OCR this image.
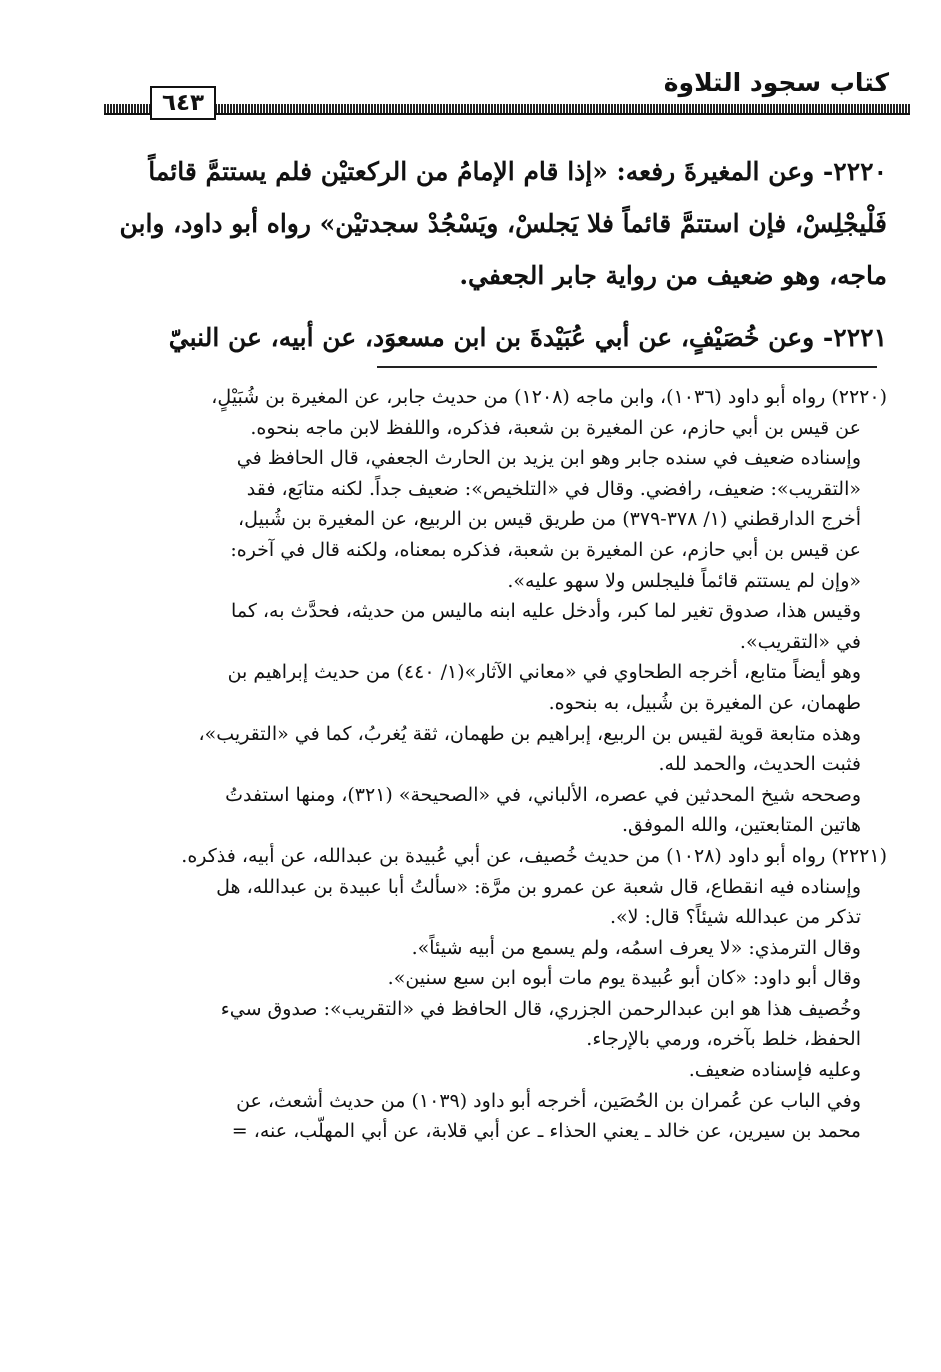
كتاب سجود التلاوة
٦٤٣

٢٢٢٠- وعن المغيرةَ رفعه: «إذا قام الإمامُ من الركعتيْن فلم يستتمَّ قائماً

فَلْيجْلِسْ، فإن استتمَّ قائماً فلا يَجلسْ، ويَسْجُدْ سجدتيْن» رواه أبو داود، وابن

ماجه، وهو ضعيف من رواية جابر الجعفي.

٢٢٢١- وعن خُصَيْفٍ، عن أبي عُبَيْدةَ بن ابن مسعوَد، عن أبيه، عن النبيّ

(٢٢٢٠) رواه أبو داود (١٠٣٦)، وابن ماجه (١٢٠٨) من حديث جابر، عن المغيرة بن شُبَيْلٍ،

عن قيس بن أبي حازم، عن المغيرة بن شعبة، فذكره، واللفظ لابن ماجه بنحوه.

وإسناده ضعيف في سنده جابر وهو ابن يزيد بن الحارث الجعفي، قال الحافظ في

«التقريب»: ضعيف، رافضي. وقال في «التلخيص»: ضعيف جداً. لكنه متابَع، فقد

أخرج الدارقطني (١/ ٣٧٨-٣٧٩) من طريق قيس بن الربيع، عن المغيرة بن شُبيل،

عن قيس بن أبي حازم، عن المغيرة بن شعبة، فذكره بمعناه، ولكنه قال في آخره:

«وإن لم يستتم قائماً فليجلس ولا سهو عليه».

وقيس هذا، صدوق تغير لما كبر، وأدخل عليه ابنه ماليس من حديثه، فحدَّث به، كما

في «التقريب».

وهو أيضاً متابع، أخرجه الطحاوي في «معاني الآثار»(١/ ٤٤٠) من حديث إبراهيم بن

طهمان، عن المغيرة بن شُبيل، به بنحوه.

وهذه متابعة قوية لقيس بن الربيع، إبراهيم بن طهمان، ثقة يُغربُ، كما في «التقريب»،

فثبت الحديث، والحمد لله.

وصححه شيخ المحدثين في عصره، الألباني، في «الصحيحة» (٣٢١)، ومنها استفدتُ

هاتين المتابعتين، والله الموفق.

(٢٢٢١) رواه أبو داود (١٠٢٨) من حديث خُصيف، عن أبي عُبيدة بن عبدالله، عن أبيه، فذكره.

وإسناده فيه انقطاع، قال شعبة عن عمرو بن مرَّة: «سألتُ أبا عبيدة بن عبدالله، هل

تذكر من عبدالله شيئاً؟ قال: لا».

وقال الترمذي: «لا يعرف اسمُه، ولم يسمع من أبيه شيئاً».

وقال أبو داود: «كان أبو عُبيدة يوم مات أبوه ابن سبع سنين».

وخُصيف هذا هو ابن عبدالرحمن الجزري، قال الحافظ في «التقريب»: صدوق سيء

الحفظ، خلط بآخره، ورمي بالإرجاء.

وعليه فإسناده ضعيف.

وفي الباب عن عُمران بن الحُصَين، أخرجه أبو داود (١٠٣٩) من حديث أشعث، عن

محمد بن سيرين، عن خالد ـ يعني الحذاء ـ عن أبي قلابة، عن أبي المهلّب، عنه، =
